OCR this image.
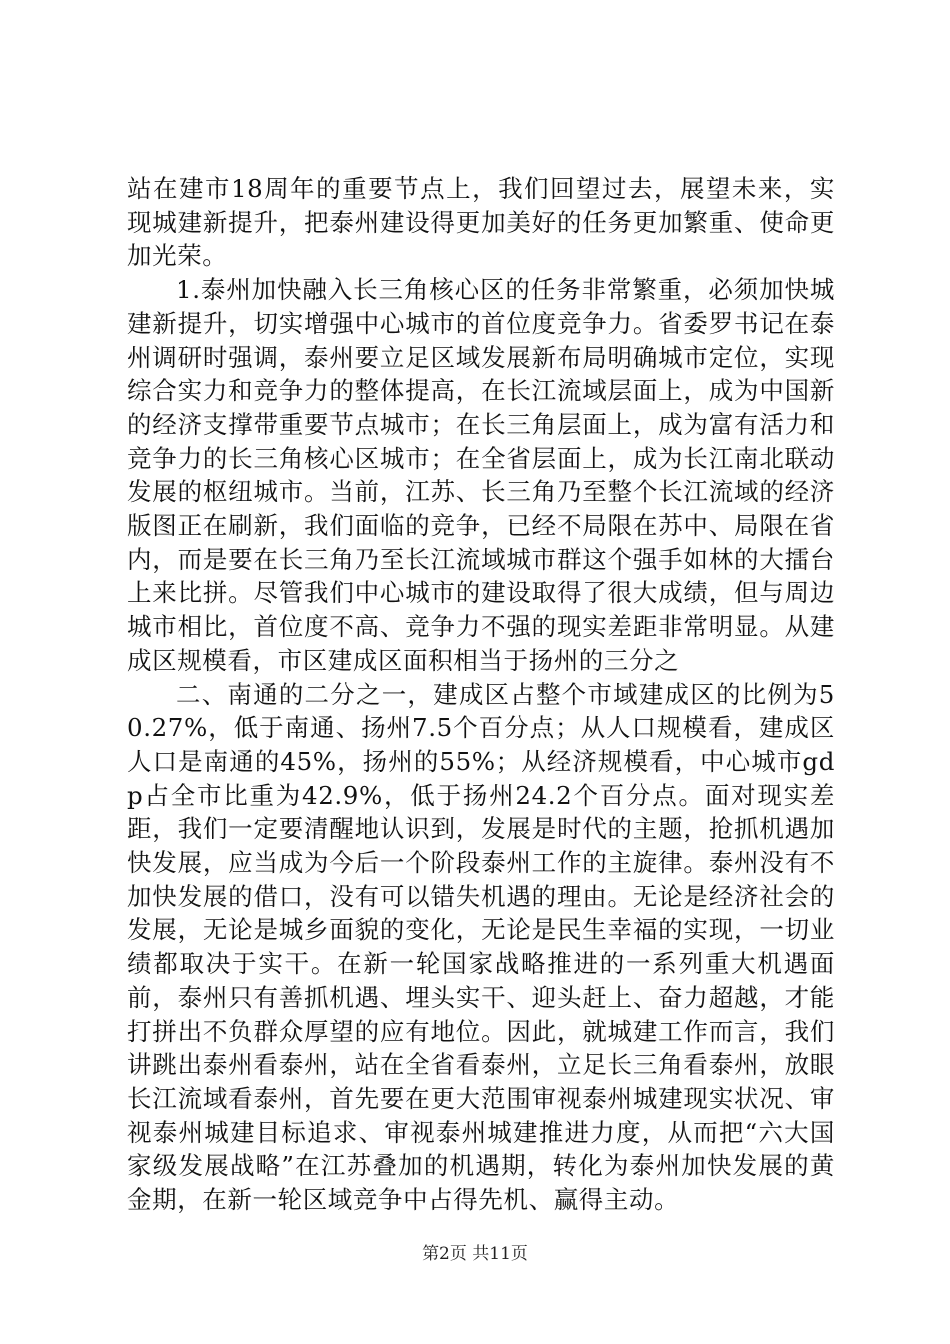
站在建市18周年的重要节点上，我们回望过去，展望未来，实现城建新提升，把泰州建设得更加美好的任务更加繁重、使命更加光荣。

1.泰州加快融入长三角核心区的任务非常繁重，必须加快城建新提升，切实增强中心城市的首位度竞争力。省委罗书记在泰州调研时强调，泰州要立足区域发展新布局明确城市定位，实现综合实力和竞争力的整体提高，在长江流域层面上，成为中国新的经济支撑带重要节点城市；在长三角层面上，成为富有活力和竞争力的长三角核心区城市；在全省层面上，成为长江南北联动发展的枢纽城市。当前，江苏、长三角乃至整个长江流域的经济版图正在刷新，我们面临的竞争，已经不局限在苏中、局限在省内，而是要在长三角乃至长江流域城市群这个强手如林的大擂台上来比拼。尽管我们中心城市的建设取得了很大成绩，但与周边城市相比，首位度不高、竞争力不强的现实差距非常明显。从建成区规模看，市区建成区面积相当于扬州的三分之

二、南通的二分之一，建成区占整个市域建成区的比例为50.27%，低于南通、扬州7.5个百分点；从人口规模看，建成区人口是南通的45%，扬州的55%；从经济规模看，中心城市gdp占全市比重为42.9%，低于扬州24.2个百分点。面对现实差距，我们一定要清醒地认识到，发展是时代的主题，抢抓机遇加快发展，应当成为今后一个阶段泰州工作的主旋律。泰州没有不加快发展的借口，没有可以错失机遇的理由。无论是经济社会的发展，无论是城乡面貌的变化，无论是民生幸福的实现，一切业绩都取决于实干。在新一轮国家战略推进的一系列重大机遇面前，泰州只有善抓机遇、埋头实干、迎头赶上、奋力超越，才能打拼出不负群众厚望的应有地位。因此，就城建工作而言，我们讲跳出泰州看泰州，站在全省看泰州，立足长三角看泰州，放眼长江流域看泰州，首先要在更大范围审视泰州城建现实状况、审视泰州城建目标追求、审视泰州城建推进力度，从而把“六大国家级发展战略”在江苏叠加的机遇期，转化为泰州加快发展的黄金期，在新一轮区域竞争中占得先机、赢得主动。

第2页 共11页
